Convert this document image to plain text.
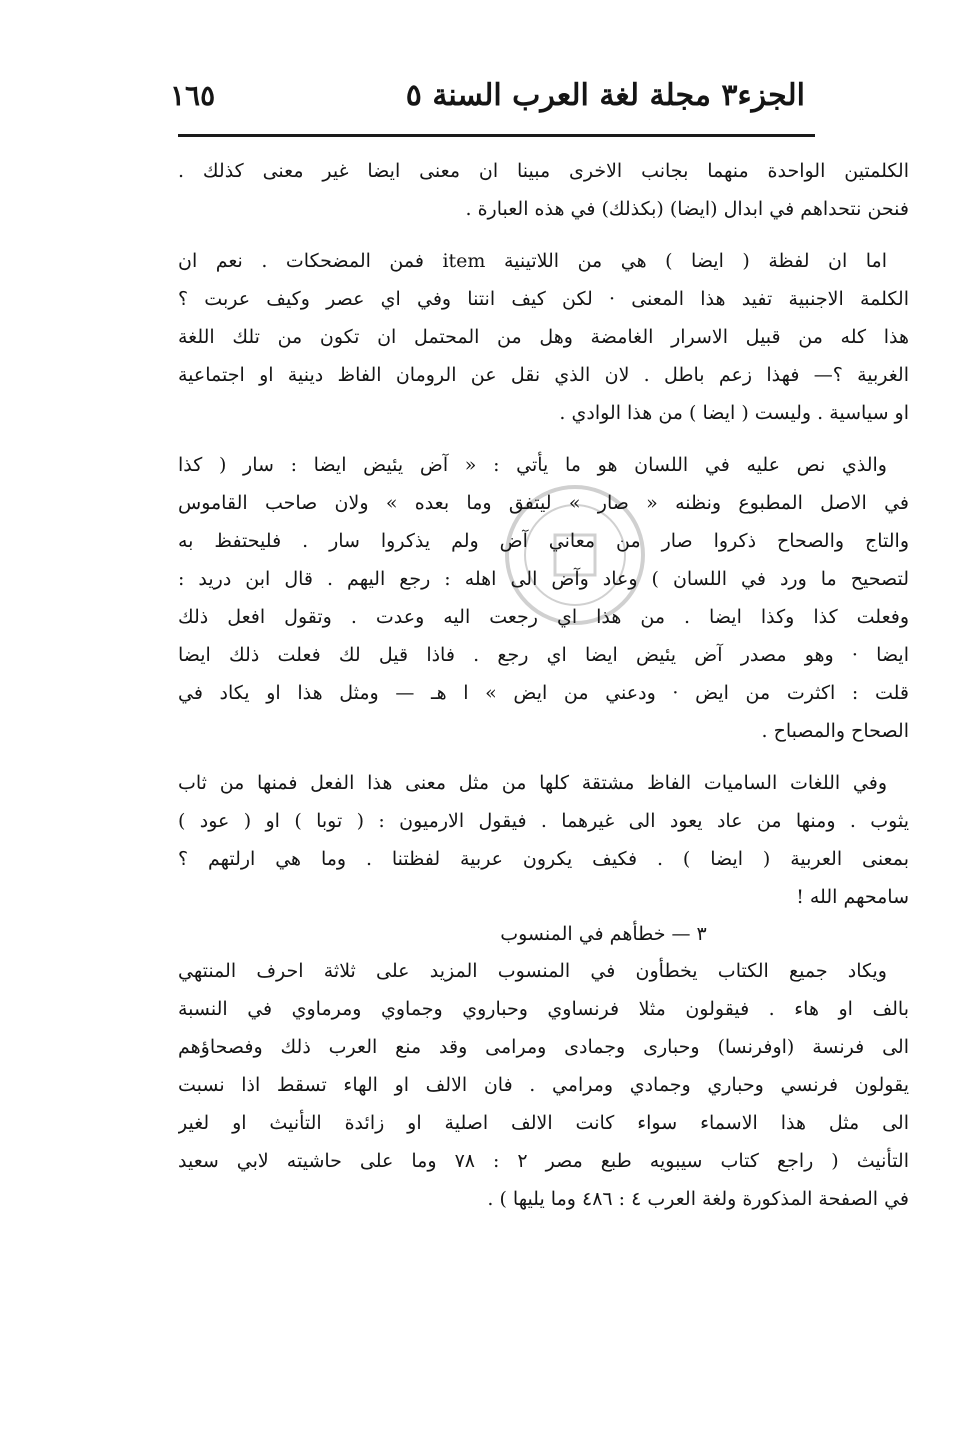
الجزء٣ مجلة لغة العرب السنة ٥
١٦٥
الكلمتين الواحدة منهما بجانب الاخرى مبينا ان معنى ايضا غير معنى كذلك .
فنحن نتحداهم في ابدال (ايضا) (بكذلك) في هذه العبارة .
اما ان لفظة ( ايضا ) هي من اللاتينية item فمن المضحكات . نعم ان
الكلمة الاجنبية تفيد هذا المعنى · لكن كيف انتنا وفي اي عصر وكيف عربت ؟
هذا كله من قبيل الاسرار الغامضة وهل من المحتمل ان تكون من تلك اللغة
الغربية ؟— فهذا زعم باطل . لان الذي نقل عن الرومان الفاظ دينية او اجتماعية
او سياسية . وليست ( ايضا ) من هذا الوادي .
والذي نص عليه في اللسان هو ما يأتي : « آض يئيض ايضا : سار ( كذا
في الاصل المطبوع ونظنه « صار » ليتفق وما بعده » ولان صاحب القاموس
والتاج والصحاح ذكروا صار من معاني آض ولم يذكروا سار . فليحتفظ به
لتصحيح ما ورد في اللسان ) وعاد وآض الى اهله : رجع اليهم . قال ابن دريد :
وفعلت كذا وكذا ايضا . من هذا اي رجعت اليه وعدت . وتقول افعل ذلك
ايضا · وهو مصدر آض يئيض ايضا اي رجع . فاذا قيل لك فعلت ذلك ايضا
قلت : اكثرت من ايض · ودعني من ايض » ا هـ — ومثل هذا او يكاد في
الصحاح والمصباح .
وفي اللغات الساميات الفاظ مشتقة كلها من مثل معنى هذا الفعل فمنها من ثاب
يثوب . ومنها من عاد يعود الى غيرهما . فيقول الارميون : ( توبا ) او ( عود )
بمعنى العربية ( ايضا ) . فكيف يكرون عربية لفظتنا . وما هي ارلتهم ؟
سامحهم الله !
٣ — خطأهم في المنسوب
ويكاد جميع الكتاب يخطأون في المنسوب المزيد على ثلاثة احرف المنتهي
بالف او هاء . فيقولون مثلا فرنساوي وحباروي وجماوي ومرماوي في النسبة
الى فرنسة (اوفرنسا) وحبارى وجمادى ومرامى وقد منع العرب ذلك وفصحاؤهم
يقولون فرنسي وحباري وجمادي ومرامي . فان الالف او الهاء تسقط اذا نسبت
الى مثل هذا الاسماء سواء كانت الالف اصلية او زائدة التأنيث او لغير
التأنيث ( راجع كتاب سيبويه طبع مصر ٢ : ٧٨ وما على حاشيته لابي سعيد
في الصفحة المذكورة ولغة العرب ٤ : ٤٨٦ وما يليها ) .
